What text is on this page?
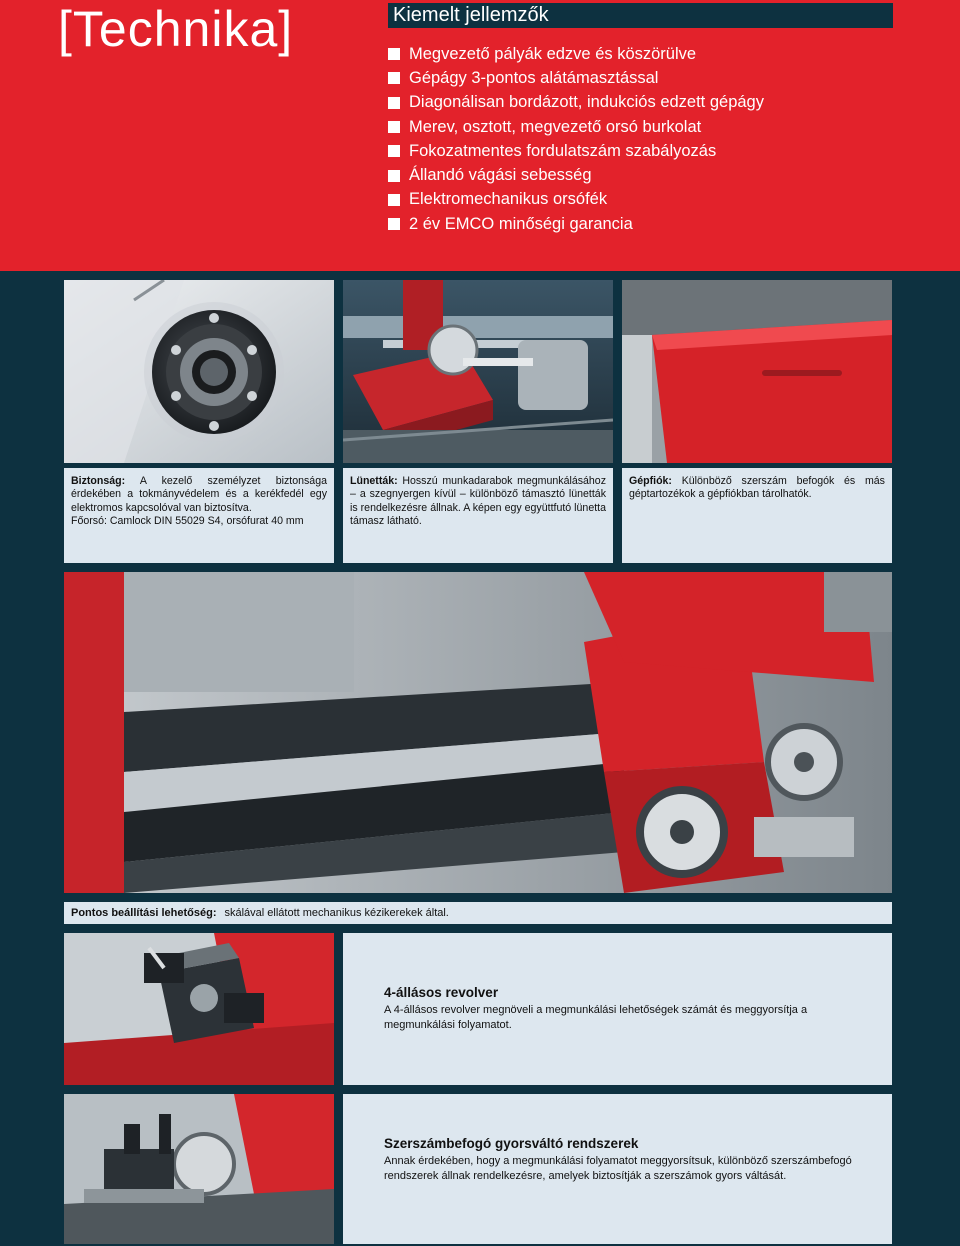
[Technika]	Kiemelt jellemzők
Megvezető pályák edzve és köszörülve
Gépágy 3-pontos alátámasztással
Diagonálisan bordázott, indukciós edzett gépágy
Merev, osztott, megvezető orsó burkolat
Fokozatmentes fordulatszám szabályozás
Állandó vágási sebesség
Elektromechanikus orsófék
2 év EMCO minőségi garancia
Biztonság: A kezelő személyzet biztonsága érdekében a tokmányvédelem és a kerékfedél egy elektromos kapcsolóval van biztosítva.
Főorsó: Camlock DIN 55029 S4, orsófurat 40 mm
Lünetták: Hosszú munkadarabok megmunkálásához – a szegnyergen kívül – különböző támasztó lünetták is rendelkezésre állnak. A képen egy együttfutó lünetta támasz látható.
Gépfiók: Különböző szerszám befogók és más géptartozékok a gépfiókban tárolhatók.
Pontos beállítási lehetőség: skálával ellátott mechanikus kézikerekek által.
4-állásos revolver

A 4-állásos revolver megnöveli a megmunkálási lehetőségek számát és meggyorsítja a megmunkálási folyamatot.

Szerszámbefogó gyorsváltó rendszerek

Annak érdekében, hogy a megmunkálási folyamatot meggyorsítsuk, különböző szerszámbefogó rendszerek állnak rendelkezésre, amelyek biztosítják a szerszámok gyors váltását.
